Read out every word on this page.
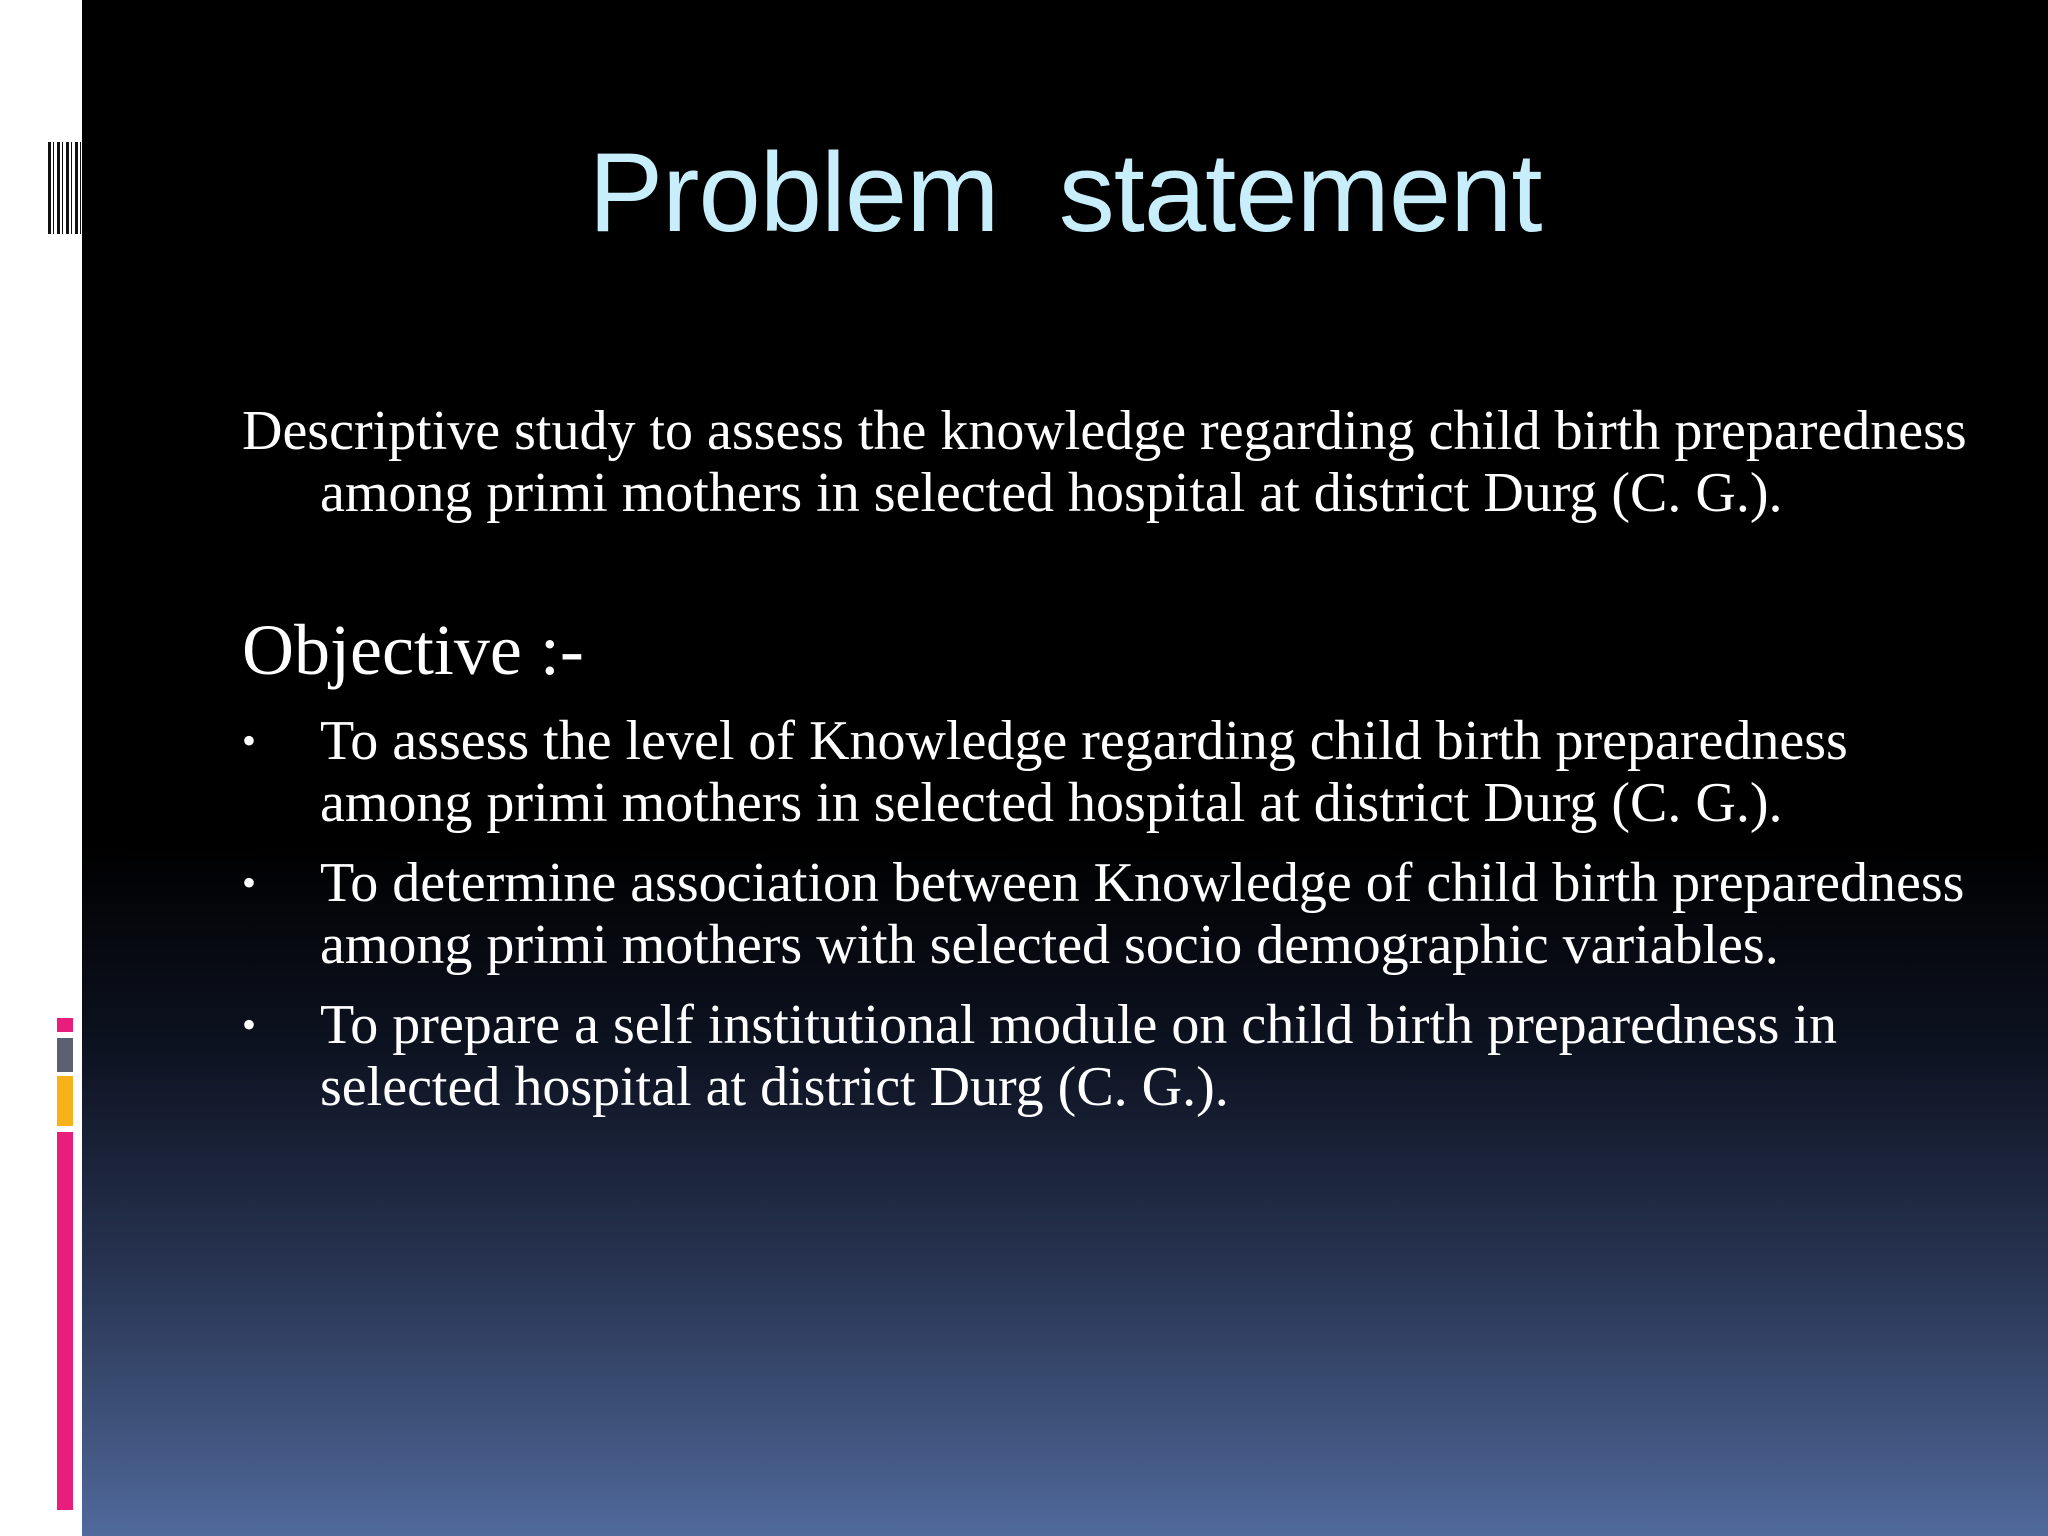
Problem  statement

Descriptive study to assess the knowledge regarding child birth preparedness among primi mothers in selected hospital at district Durg (C. G.).

Objective :-
• To assess the level of Knowledge regarding child birth preparedness among primi mothers in selected hospital at district Durg (C. G.).
• To determine association between Knowledge of child birth preparedness among primi mothers with selected socio demographic variables.
• To prepare a self institutional module on child birth preparedness in selected hospital at district Durg (C. G.).
